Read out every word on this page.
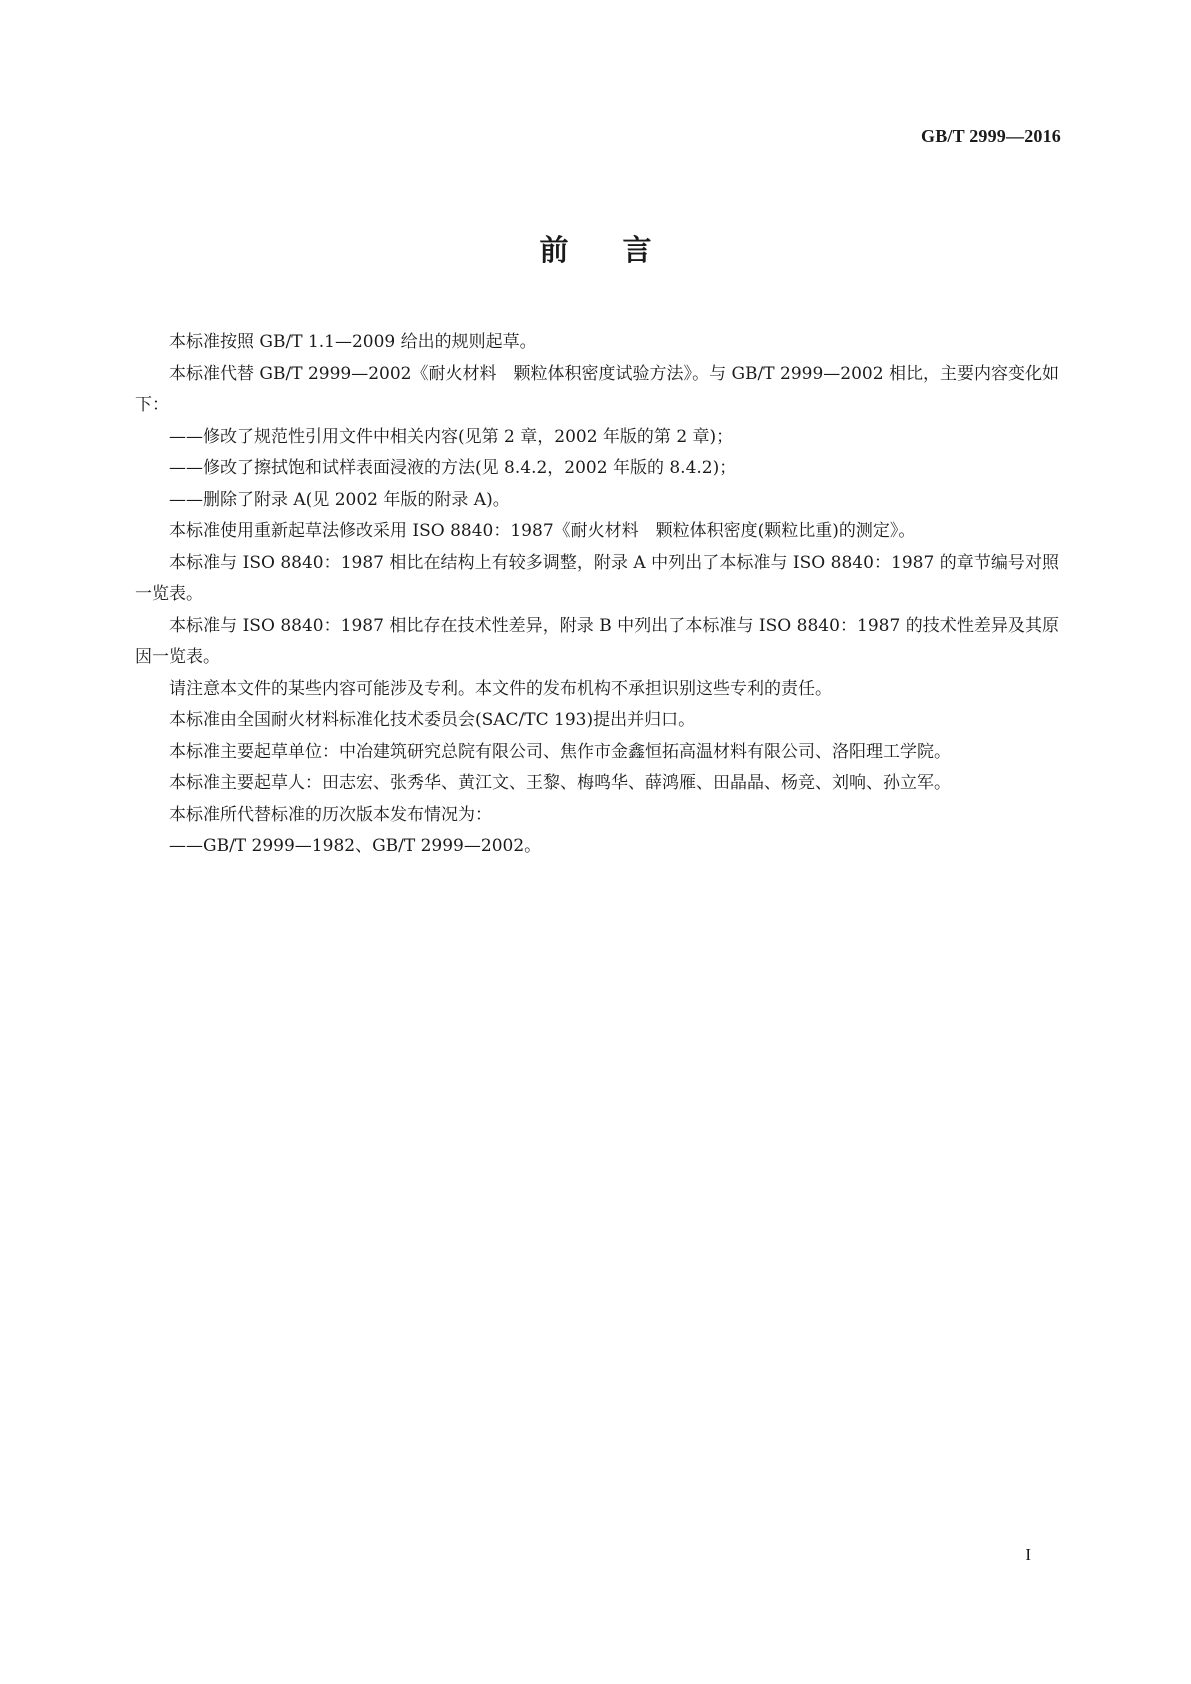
GB/T 2999—2016
前言

本标准按照 GB/T 1.1—2009 给出的规则起草。

本标准代替 GB/T 2999—2002《耐火材料　颗粒体积密度试验方法》。与 GB/T 2999—2002 相比，主要内容变化如下：

——修改了规范性引用文件中相关内容(见第 2 章，2002 年版的第 2 章)；

——修改了擦拭饱和试样表面浸液的方法(见 8.4.2，2002 年版的 8.4.2)；

——删除了附录 A(见 2002 年版的附录 A)。

本标准使用重新起草法修改采用 ISO 8840：1987《耐火材料　颗粒体积密度(颗粒比重)的测定》。

本标准与 ISO 8840：1987 相比在结构上有较多调整，附录 A 中列出了本标准与 ISO 8840：1987 的章节编号对照一览表。

本标准与 ISO 8840：1987 相比存在技术性差异，附录 B 中列出了本标准与 ISO 8840：1987 的技术性差异及其原因一览表。

请注意本文件的某些内容可能涉及专利。本文件的发布机构不承担识别这些专利的责任。

本标准由全国耐火材料标准化技术委员会(SAC/TC 193)提出并归口。

本标准主要起草单位：中冶建筑研究总院有限公司、焦作市金鑫恒拓高温材料有限公司、洛阳理工学院。

本标准主要起草人：田志宏、张秀华、黄江文、王黎、梅鸣华、薛鸿雁、田晶晶、杨竞、刘响、孙立军。

本标准所代替标准的历次版本发布情况为：

——GB/T 2999—1982、GB/T 2999—2002。

I
